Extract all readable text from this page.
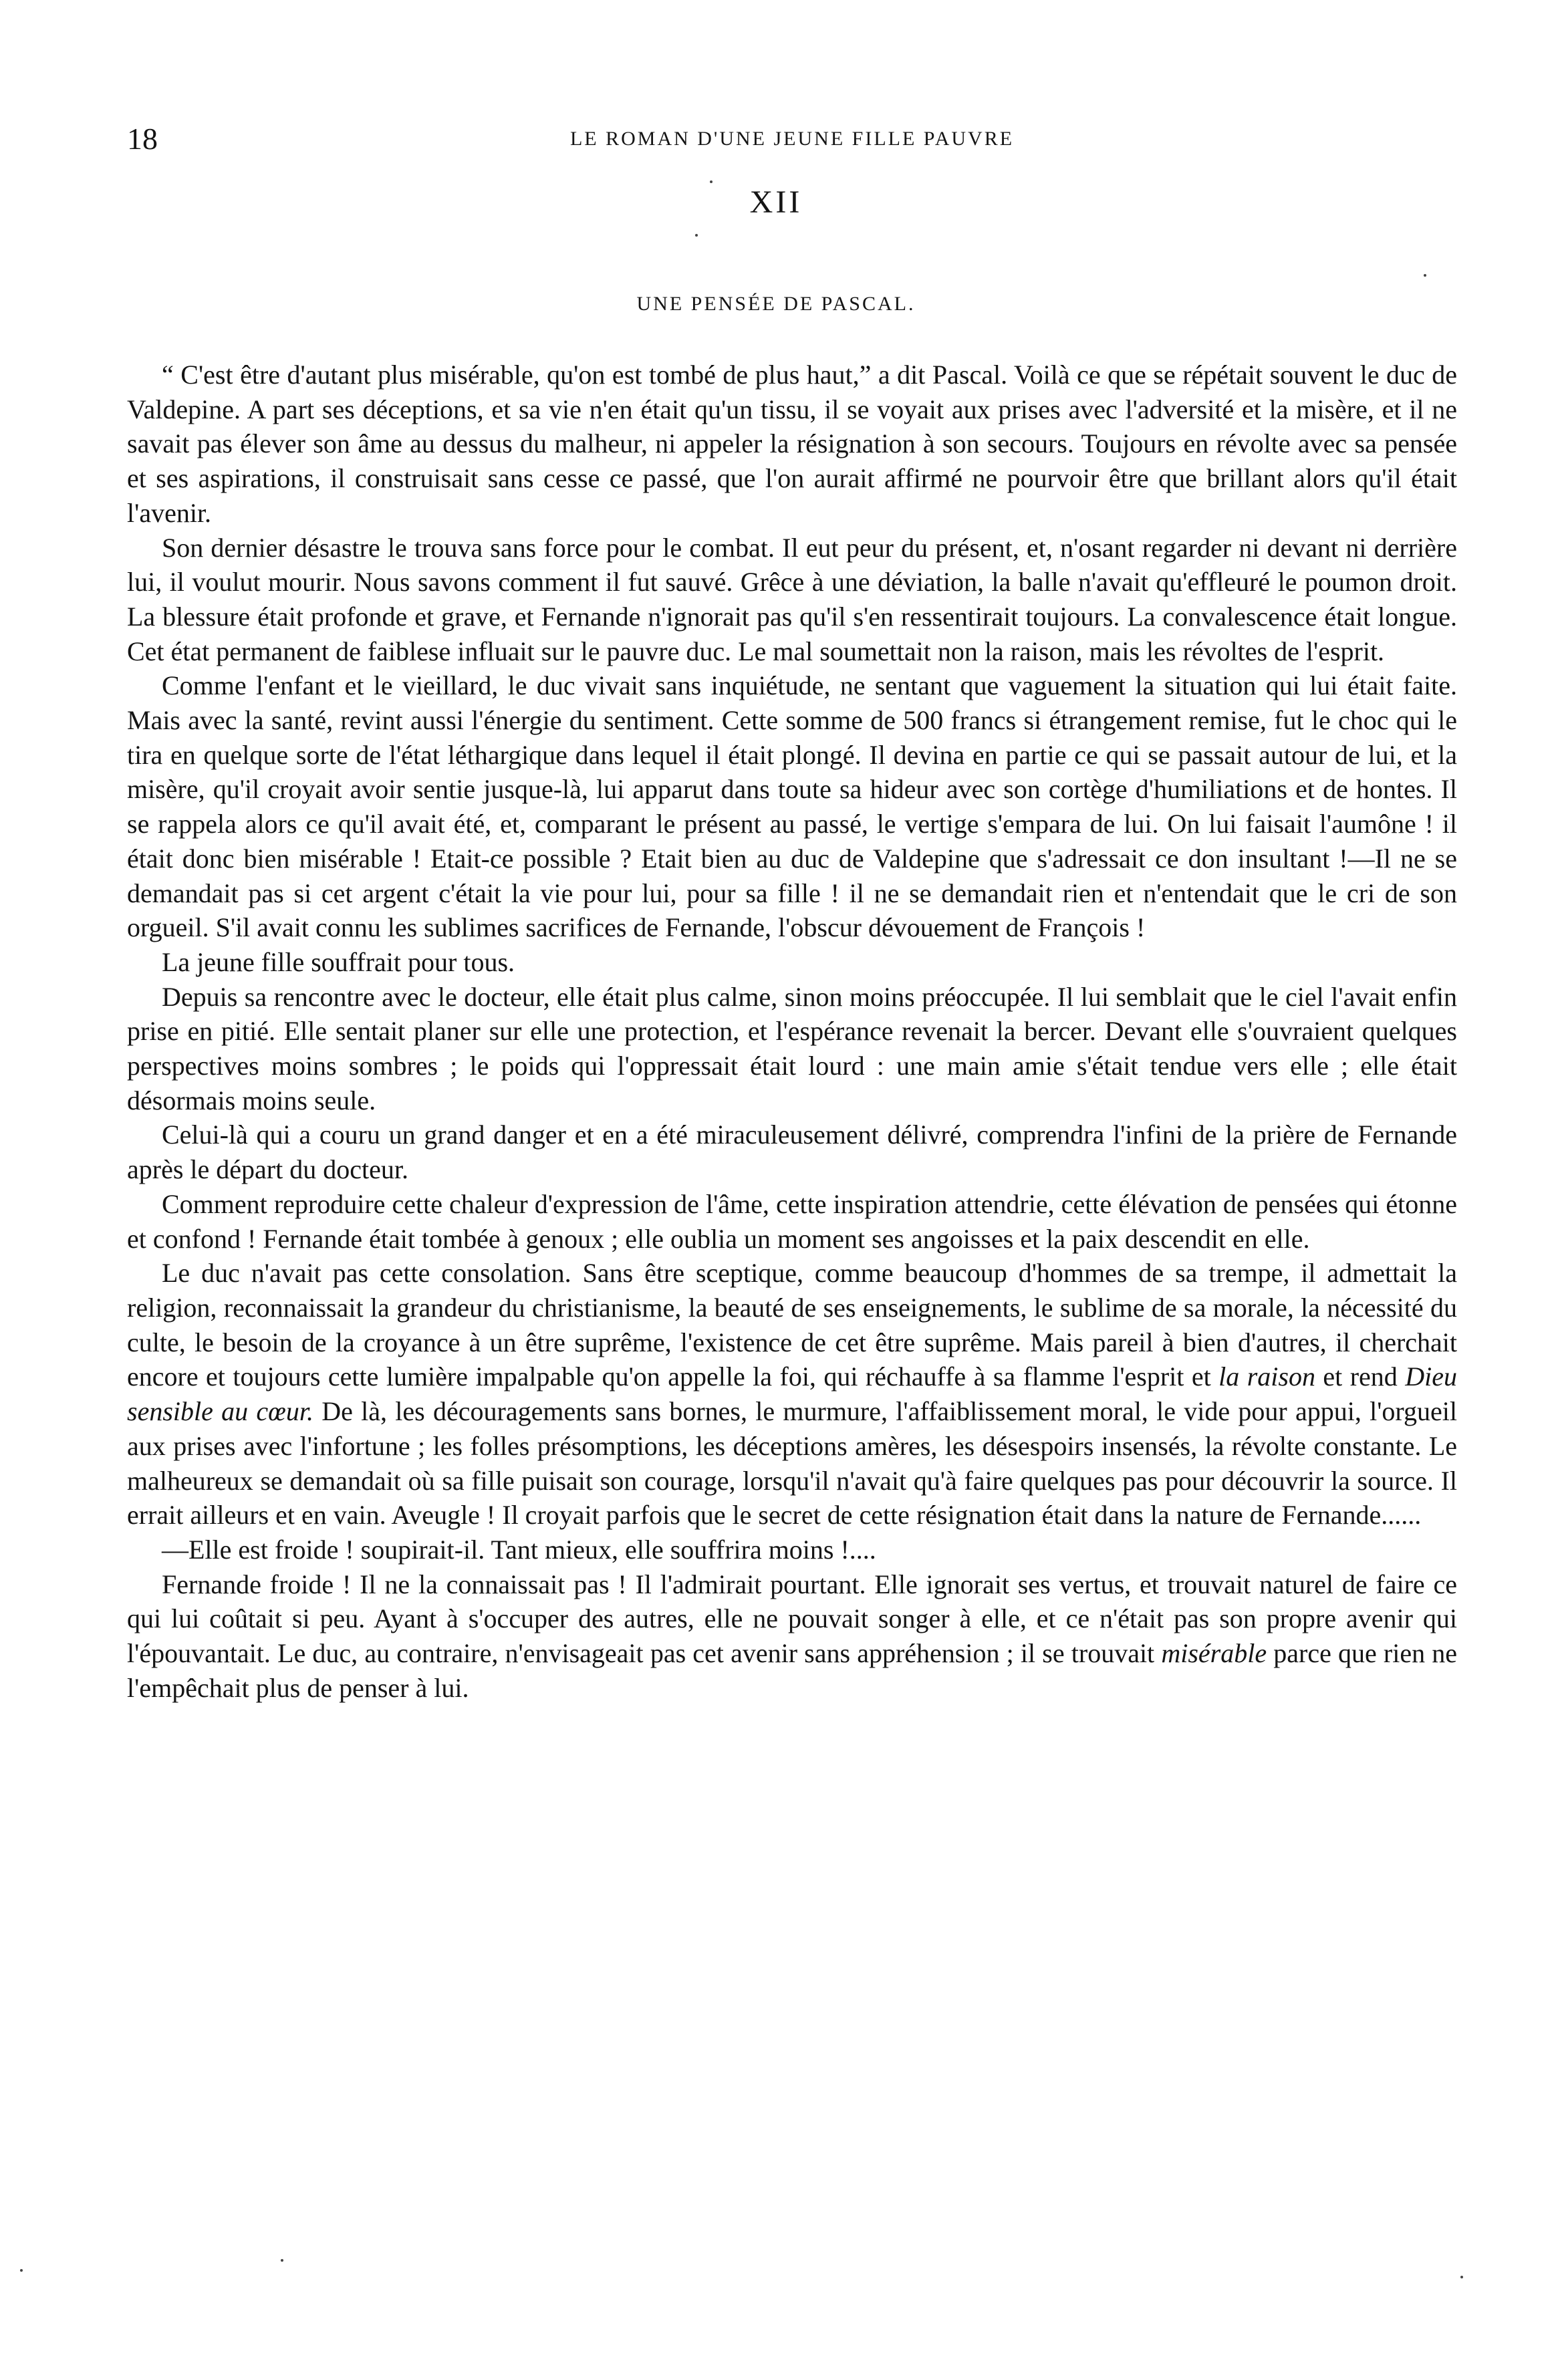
18	LE ROMAN D'UNE JEUNE FILLE PAUVRE
XII
UNE PENSÉE DE PASCAL.

“ C'est être d'autant plus misérable, qu'on est tombé de plus haut,” a dit Pascal. Voilà ce que se répétait souvent le duc de Valdepine. A part ses déceptions, et sa vie n'en était qu'un tissu, il se voyait aux prises avec l'adversité et la misère, et il ne savait pas élever son âme au dessus du malheur, ni appeler la résignation à son secours. Toujours en révolte avec sa pensée et ses aspirations, il construisait sans cesse ce passé, que l'on aurait affirmé ne pourvoir être que brillant alors qu'il était l'avenir.

Son dernier désastre le trouva sans force pour le combat. Il eut peur du présent, et, n'osant regarder ni devant ni derrière lui, il voulut mourir. Nous savons comment il fut sauvé. Grêce à une déviation, la balle n'avait qu'effleuré le poumon droit. La blessure était profonde et grave, et Fernande n'ignorait pas qu'il s'en ressentirait toujours. La convalescence était longue. Cet état permanent de faiblese influait sur le pauvre duc. Le mal soumettait non la raison, mais les révoltes de l'esprit.

Comme l'enfant et le vieillard, le duc vivait sans inquiétude, ne sentant que vaguement la situation qui lui était faite. Mais avec la santé, revint aussi l'énergie du sentiment. Cette somme de 500 francs si étrangement remise, fut le choc qui le tira en quelque sorte de l'état léthargique dans lequel il était plongé. Il devina en partie ce qui se passait autour de lui, et la misère, qu'il croyait avoir sentie jusque-là, lui apparut dans toute sa hideur avec son cortège d'humiliations et de hontes. Il se rappela alors ce qu'il avait été, et, comparant le présent au passé, le vertige s'empara de lui. On lui faisait l'aumône ! il était donc bien misérable ! Etait-ce possible ? Etait bien au duc de Valdepine que s'adressait ce don insultant !—Il ne se demandait pas si cet argent c'était la vie pour lui, pour sa fille ! il ne se demandait rien et n'entendait que le cri de son orgueil. S'il avait connu les sublimes sacrifices de Fernande, l'obscur dévouement de François !

La jeune fille souffrait pour tous.

Depuis sa rencontre avec le docteur, elle était plus calme, sinon moins préoccupée. Il lui semblait que le ciel l'avait enfin prise en pitié. Elle sentait planer sur elle une protection, et l'espérance revenait la bercer. Devant elle s'ouvraient quelques perspectives moins sombres ; le poids qui l'oppressait était lourd : une main amie s'était tendue vers elle ; elle était désormais moins seule.

Celui-là qui a couru un grand danger et en a été miraculeusement délivré, comprendra l'infini de la prière de Fernande après le départ du docteur.

Comment reproduire cette chaleur d'expression de l'âme, cette inspiration attendrie, cette élévation de pensées qui étonne et confond ! Fernande était tombée à genoux ; elle oublia un moment ses angoisses et la paix descendit en elle.

Le duc n'avait pas cette consolation. Sans être sceptique, comme beaucoup d'hommes de sa trempe, il admettait la religion, reconnaissait la grandeur du christianisme, la beauté de ses enseignements, le sublime de sa morale, la nécessité du culte, le besoin de la croyance à un être suprême, l'existence de cet être suprême. Mais pareil à bien d'autres, il cherchait encore et toujours cette lumière impalpable qu'on appelle la foi, qui réchauffe à sa flamme l'esprit et la raison et rend Dieu sensible au cœur. De là, les découragements sans bornes, le murmure, l'affaiblissement moral, le vide pour appui, l'orgueil aux prises avec l'infortune ; les folles présomptions, les déceptions amères, les désespoirs insensés, la révolte constante. Le malheureux se demandait où sa fille puisait son courage, lorsqu'il n'avait qu'à faire quelques pas pour découvrir la source. Il errait ailleurs et en vain. Aveugle ! Il croyait parfois que le secret de cette résignation était dans la nature de Fernande......

—Elle est froide ! soupirait-il. Tant mieux, elle souffrira moins !....

Fernande froide ! Il ne la connaissait pas ! Il l'admirait pourtant. Elle ignorait ses vertus, et trouvait naturel de faire ce qui lui coûtait si peu. Ayant à s'occuper des autres, elle ne pouvait songer à elle, et ce n'était pas son propre avenir qui l'épouvantait. Le duc, au contraire, n'envisageait pas cet avenir sans appréhension ; il se trouvait misérable parce que rien ne l'empêchait plus de penser à lui.
